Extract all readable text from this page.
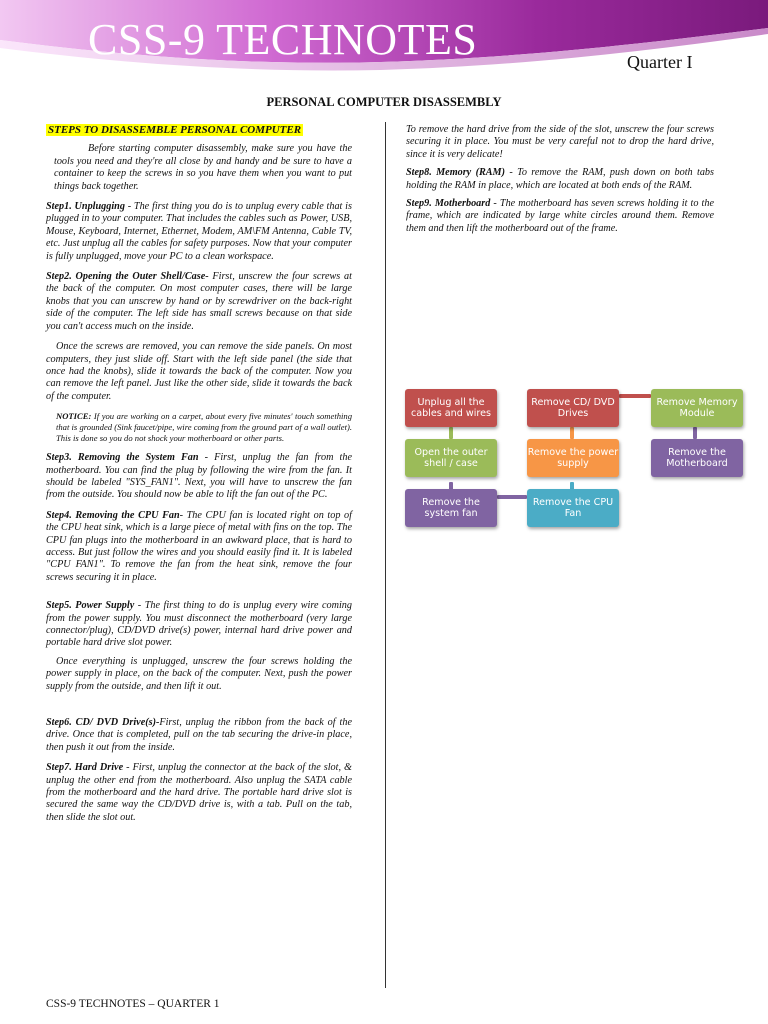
CSS-9 TECHNOTES	Quarter I
PERSONAL COMPUTER DISASSEMBLY

STEPS TO DISASSEMBLE PERSONAL COMPUTER

Before starting computer disassembly, make sure you have the tools you need and they're all close by and handy and be sure to have a container to keep the screws in so you have them when you want to put things back together.

Step1. Unplugging - The first thing you do is to unplug every cable that is plugged in to your computer. That includes the cables such as Power, USB, Mouse, Keyboard, Internet, Ethernet, Modem, AM\FM Antenna, Cable TV, etc. Just unplug all the cables for safety purposes. Now that your computer is fully unplugged, move your PC to a clean workspace.

Step2. Opening the Outer Shell/Case- First, unscrew the four screws at the back of the computer. On most computer cases, there will be large knobs that you can unscrew by hand or by screwdriver on the back-right side of the computer. The left side has small screws because on that side you can't access much on the inside.

Once the screws are removed, you can remove the side panels. On most computers, they just slide off. Start with the left side panel (the side that once had the knobs), slide it towards the back of the computer. Now you can remove the left panel. Just like the other side, slide it towards the back of the computer.

NOTICE: If you are working on a carpet, about every five minutes' touch something that is grounded (Sink faucet/pipe, wire coming from the ground part of a wall outlet). This is done so you do not shock your motherboard or other parts.

Step3. Removing the System Fan - First, unplug the fan from the motherboard. You can find the plug by following the wire from the fan. It should be labeled "SYS_FAN1". Next, you will have to unscrew the fan from the outside. You should now be able to lift the fan out of the PC.

Step4. Removing the CPU Fan- The CPU fan is located right on top of the CPU heat sink, which is a large piece of metal with fins on the top. The CPU fan plugs into the motherboard in an awkward place, that is hard to access. But just follow the wires and you should easily find it. It is labeled "CPU FAN1". To remove the fan from the heat sink, remove the four screws securing it in place.

Step5. Power Supply - The first thing to do is unplug every wire coming from the power supply. You must disconnect the motherboard (very large connector/plug), CD/DVD drive(s) power, internal hard drive power and portable hard drive slot power.

Once everything is unplugged, unscrew the four screws holding the power supply in place, on the back of the computer. Next, push the power supply from the outside, and then lift it out.

Step6. CD/ DVD Drive(s)-First, unplug the ribbon from the back of the drive. Once that is completed, pull on the tab securing the drive-in place, then push it out from the inside.

Step7. Hard Drive - First, unplug the connector at the back of the slot, & unplug the other end from the motherboard. Also unplug the SATA cable from the motherboard and the hard drive. The portable hard drive slot is secured the same way the CD/DVD drive is, with a tab. Pull on the tab, then slide the slot out.

To remove the hard drive from the side of the slot, unscrew the four screws securing it in place. You must be very careful not to drop the hard drive, since it is very delicate!

Step8. Memory (RAM) - To remove the RAM, push down on both tabs holding the RAM in place, which are located at both ends of the RAM.

Step9. Motherboard - The motherboard has seven screws holding it to the frame, which are indicated by large white circles around them. Remove them and then lift the motherboard out of the frame.

Unplug all the cables and wires
Remove CD/ DVD Drives
Remove Memory Module
Open the outer shell / case
Remove the power supply
Remove the Motherboard
Remove the system fan
Remove the CPU Fan
CSS-9 TECHNOTES – QUARTER 1
